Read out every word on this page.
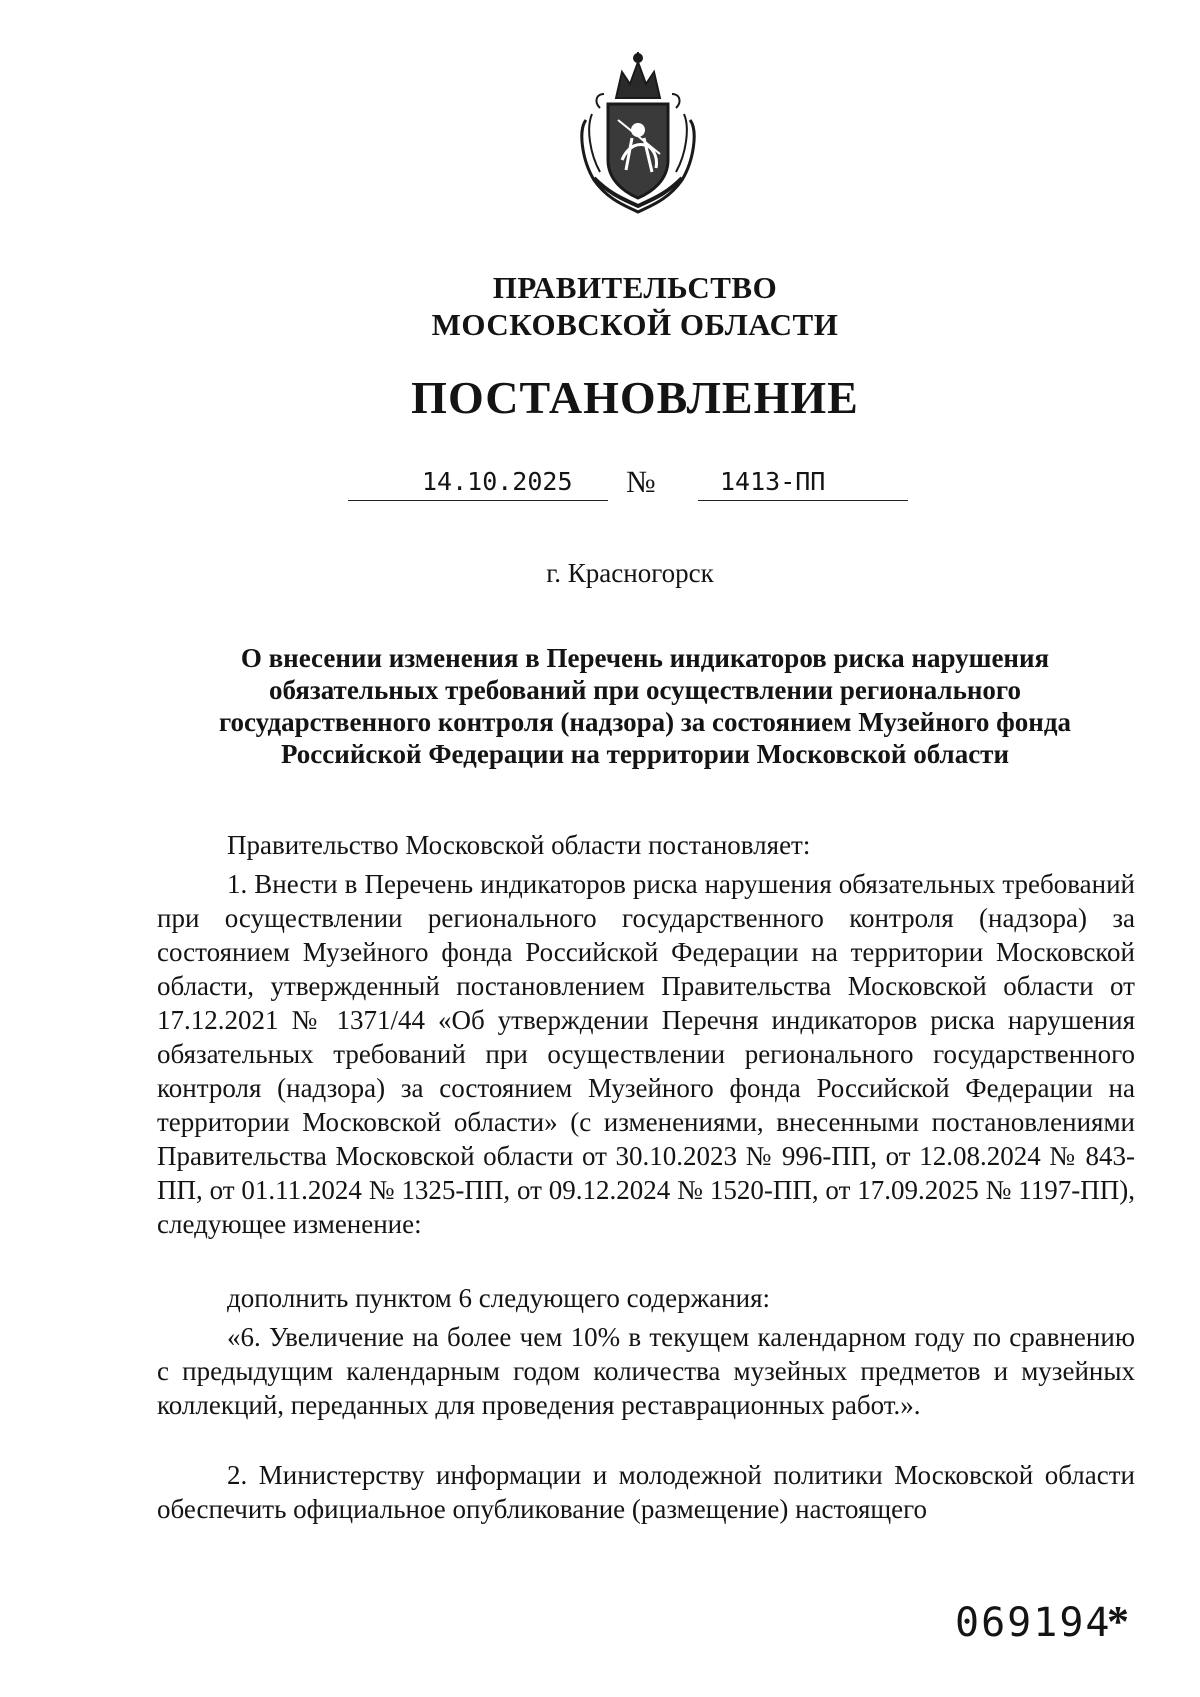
ПРАВИТЕЛЬСТВО
МОСКОВСКОЙ ОБЛАСТИ
ПОСТАНОВЛЕНИЕ
14.10.2025 №	1413-ПП
г. Красногорск
О внесении изменения в Перечень индикаторов риска нарушения обязательных требований при осуществлении регионального государственного контроля (надзора) за состоянием Музейного фонда Российской Федерации на территории Московской области

Правительство Московской области постановляет:

1. Внести в Перечень индикаторов риска нарушения обязательных требований при осуществлении регионального государственного контроля (надзора) за состоянием Музейного фонда Российской Федерации на территории Московской области, утвержденный постановлением Правительства Московской области от 17.12.2021 № 1371/44 «Об утверждении Перечня индикаторов риска нарушения обязательных требований при осуществлении регионального государственного контроля (надзора) за состоянием Музейного фонда Российской Федерации на территории Московской области» (с изменениями, внесенными постановлениями Правительства Московской области от 30.10.2023 № 996-ПП, от 12.08.2024 № 843-ПП, от 01.11.2024 № 1325-ПП, от 09.12.2024 № 1520-ПП, от 17.09.2025 № 1197-ПП), следующее изменение:

дополнить пунктом 6 следующего содержания:

«6. Увеличение на более чем 10% в текущем календарном году по сравнению с предыдущим календарным годом количества музейных предметов и музейных коллекций, переданных для проведения реставрационных работ.».

2. Министерству информации и молодежной политики Московской области обеспечить официальное опубликование (размещение) настоящего

069194
*
